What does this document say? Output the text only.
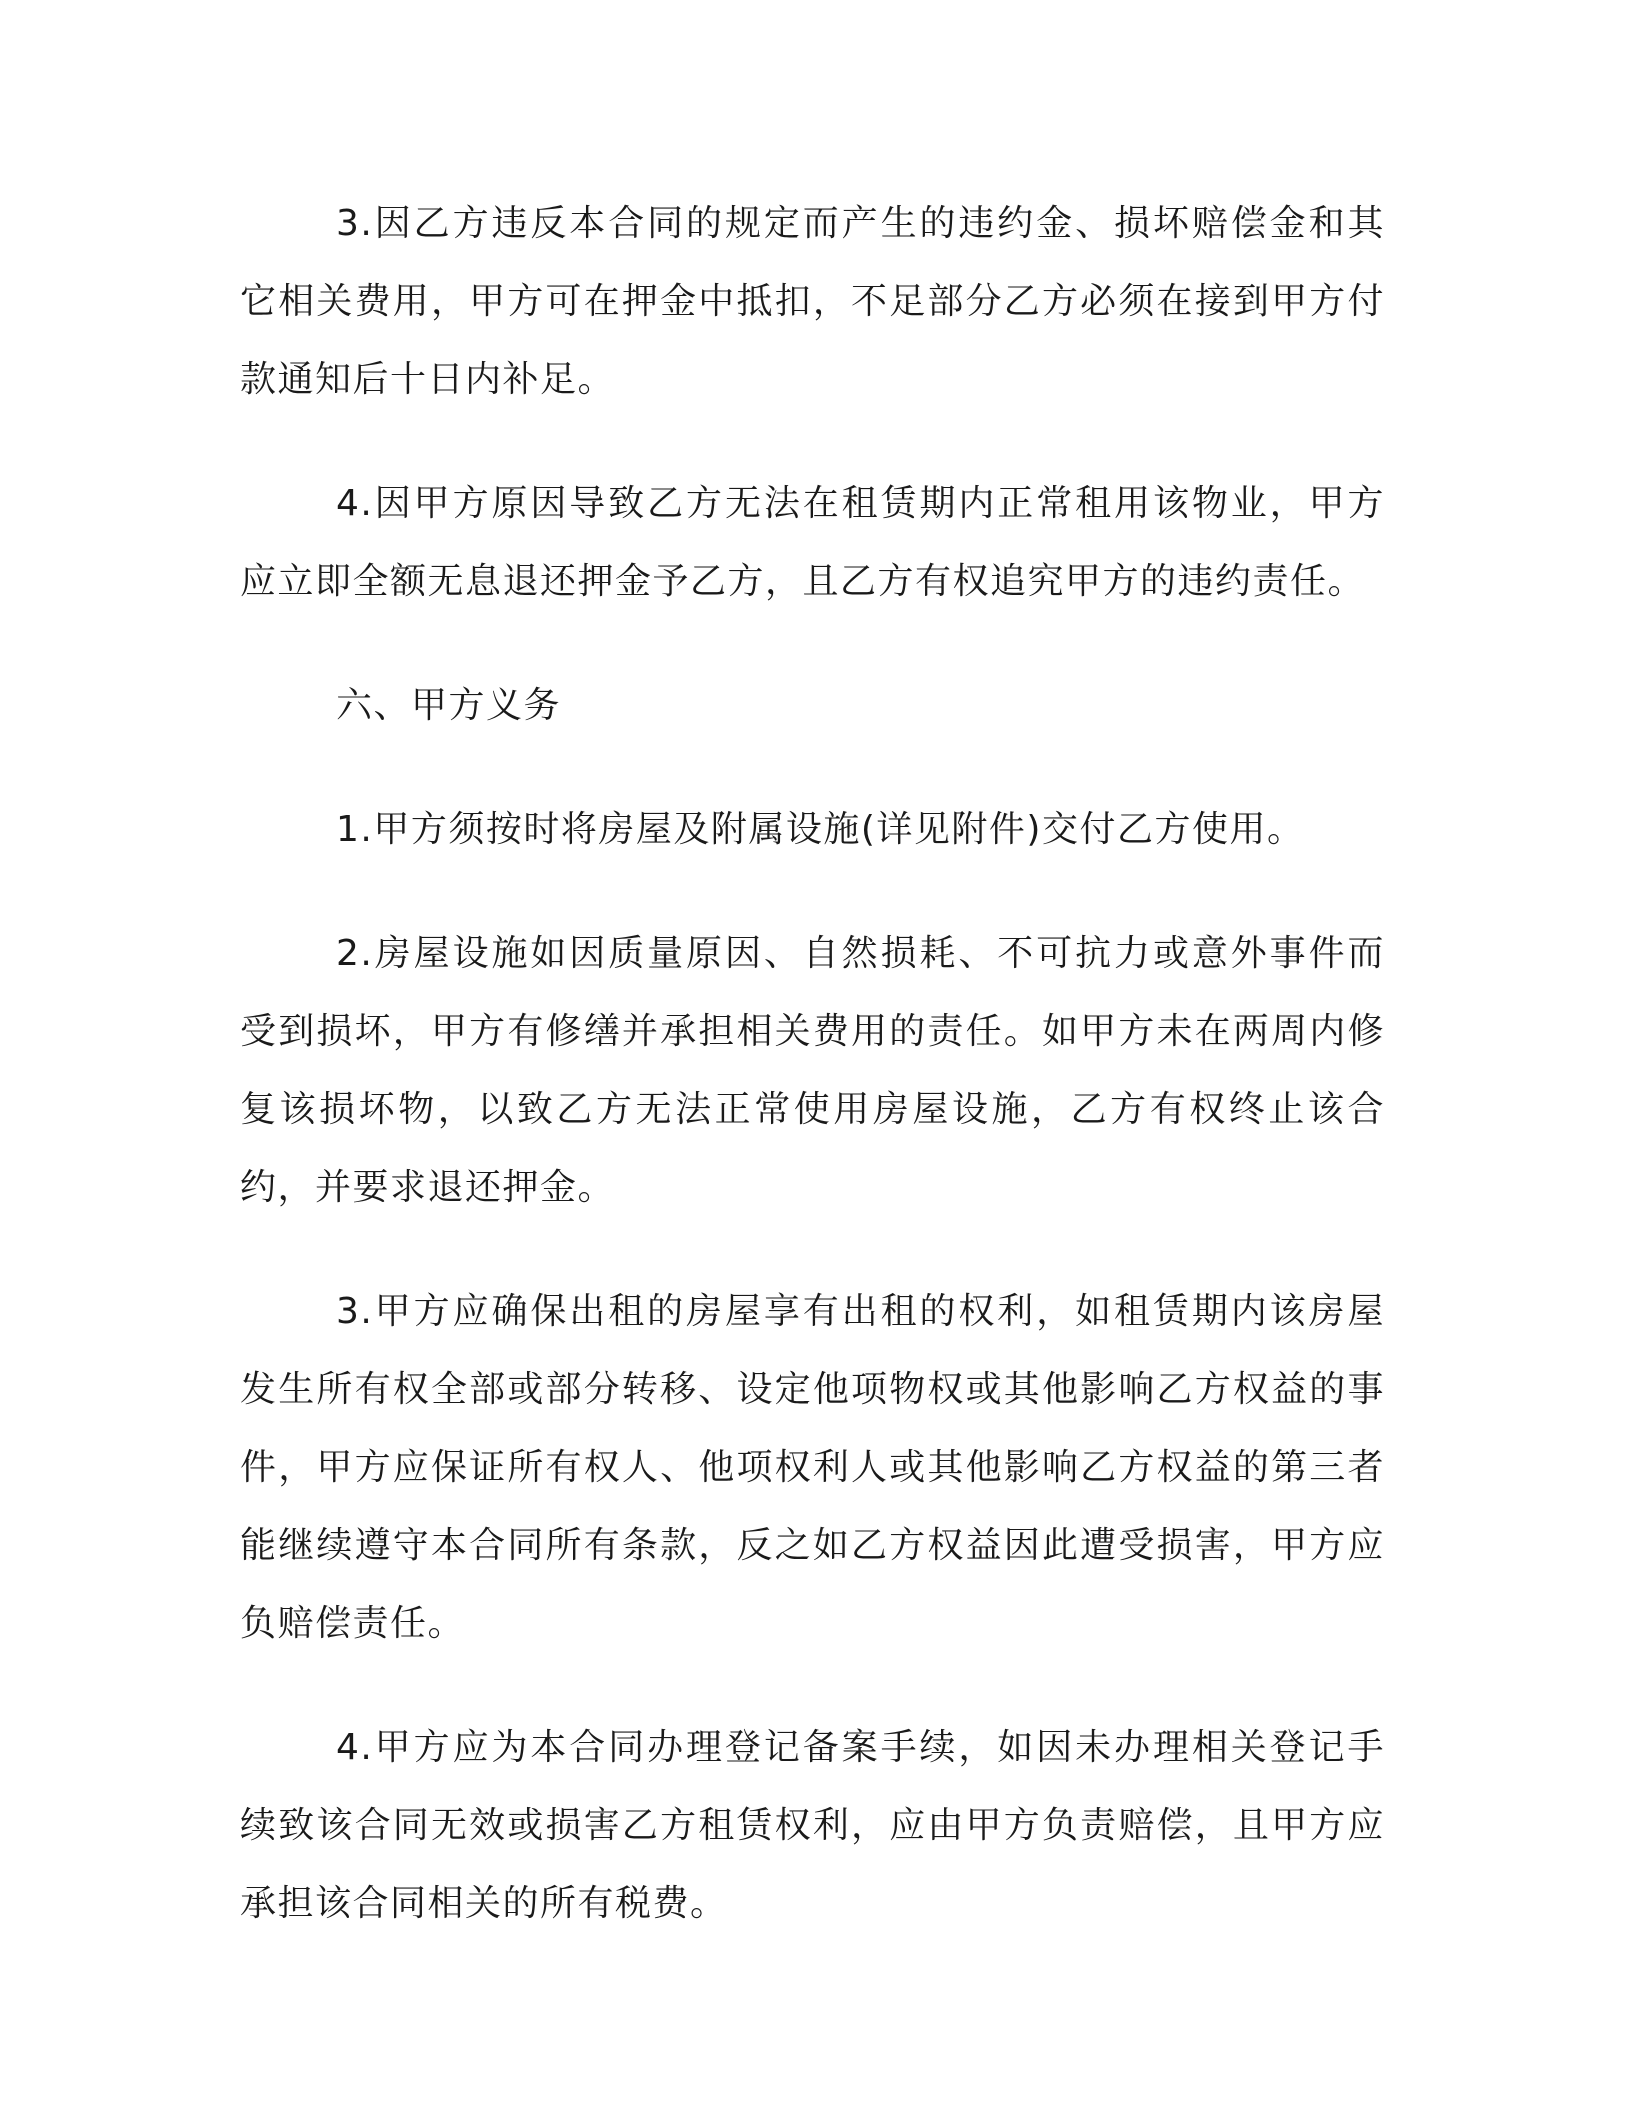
3.因乙方违反本合同的规定而产生的违约金、损坏赔偿金和其它相关费用，甲方可在押金中抵扣，不足部分乙方必须在接到甲方付款通知后十日内补足。

4.因甲方原因导致乙方无法在租赁期内正常租用该物业，甲方应立即全额无息退还押金予乙方，且乙方有权追究甲方的违约责任。

六、甲方义务

1.甲方须按时将房屋及附属设施(详见附件)交付乙方使用。

2.房屋设施如因质量原因、自然损耗、不可抗力或意外事件而受到损坏，甲方有修缮并承担相关费用的责任。如甲方未在两周内修复该损坏物，以致乙方无法正常使用房屋设施，乙方有权终止该合约，并要求退还押金。

3.甲方应确保出租的房屋享有出租的权利，如租赁期内该房屋发生所有权全部或部分转移、设定他项物权或其他影响乙方权益的事件，甲方应保证所有权人、他项权利人或其他影响乙方权益的第三者能继续遵守本合同所有条款，反之如乙方权益因此遭受损害，甲方应负赔偿责任。

4.甲方应为本合同办理登记备案手续，如因未办理相关登记手续致该合同无效或损害乙方租赁权利，应由甲方负责赔偿，且甲方应承担该合同相关的所有税费。
